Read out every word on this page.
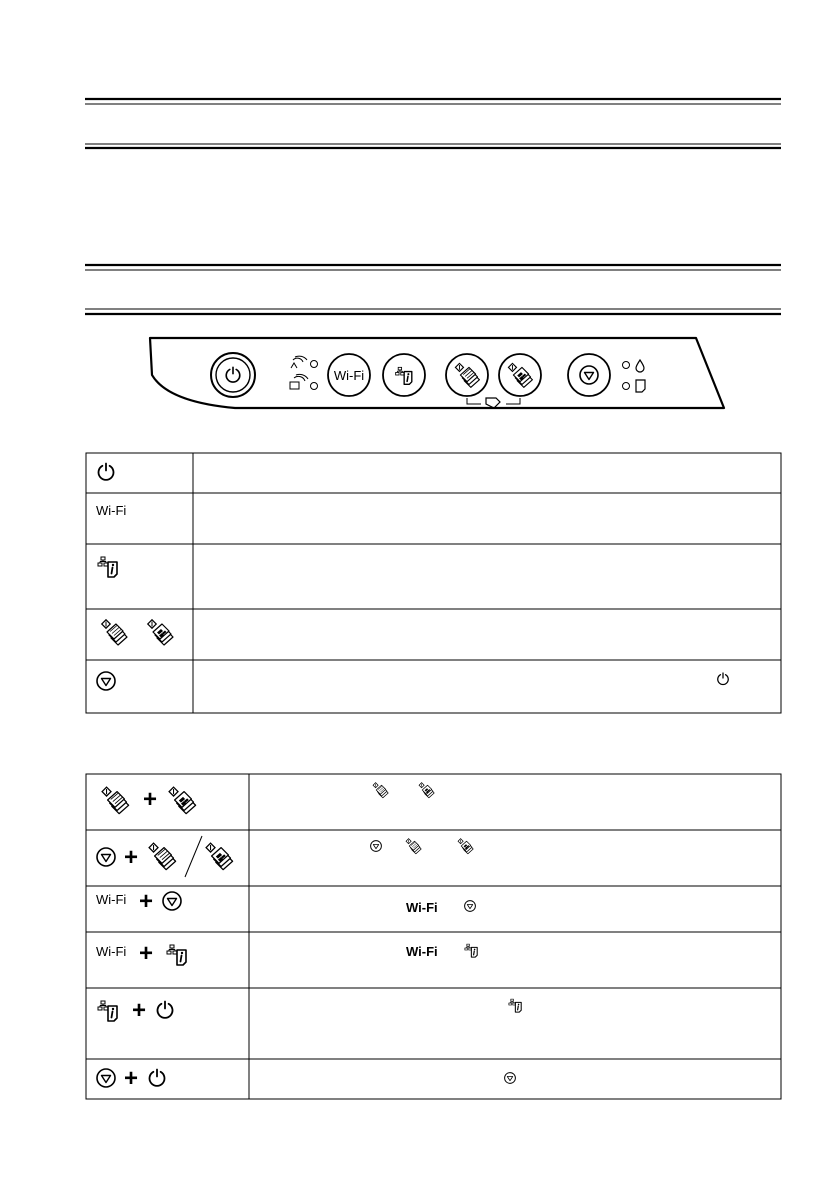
Wi-Fi
Wi-Fi
+
+
Wi-Fi +	Wi-Fi
Wi-Fi +	Wi-Fi
+
+
